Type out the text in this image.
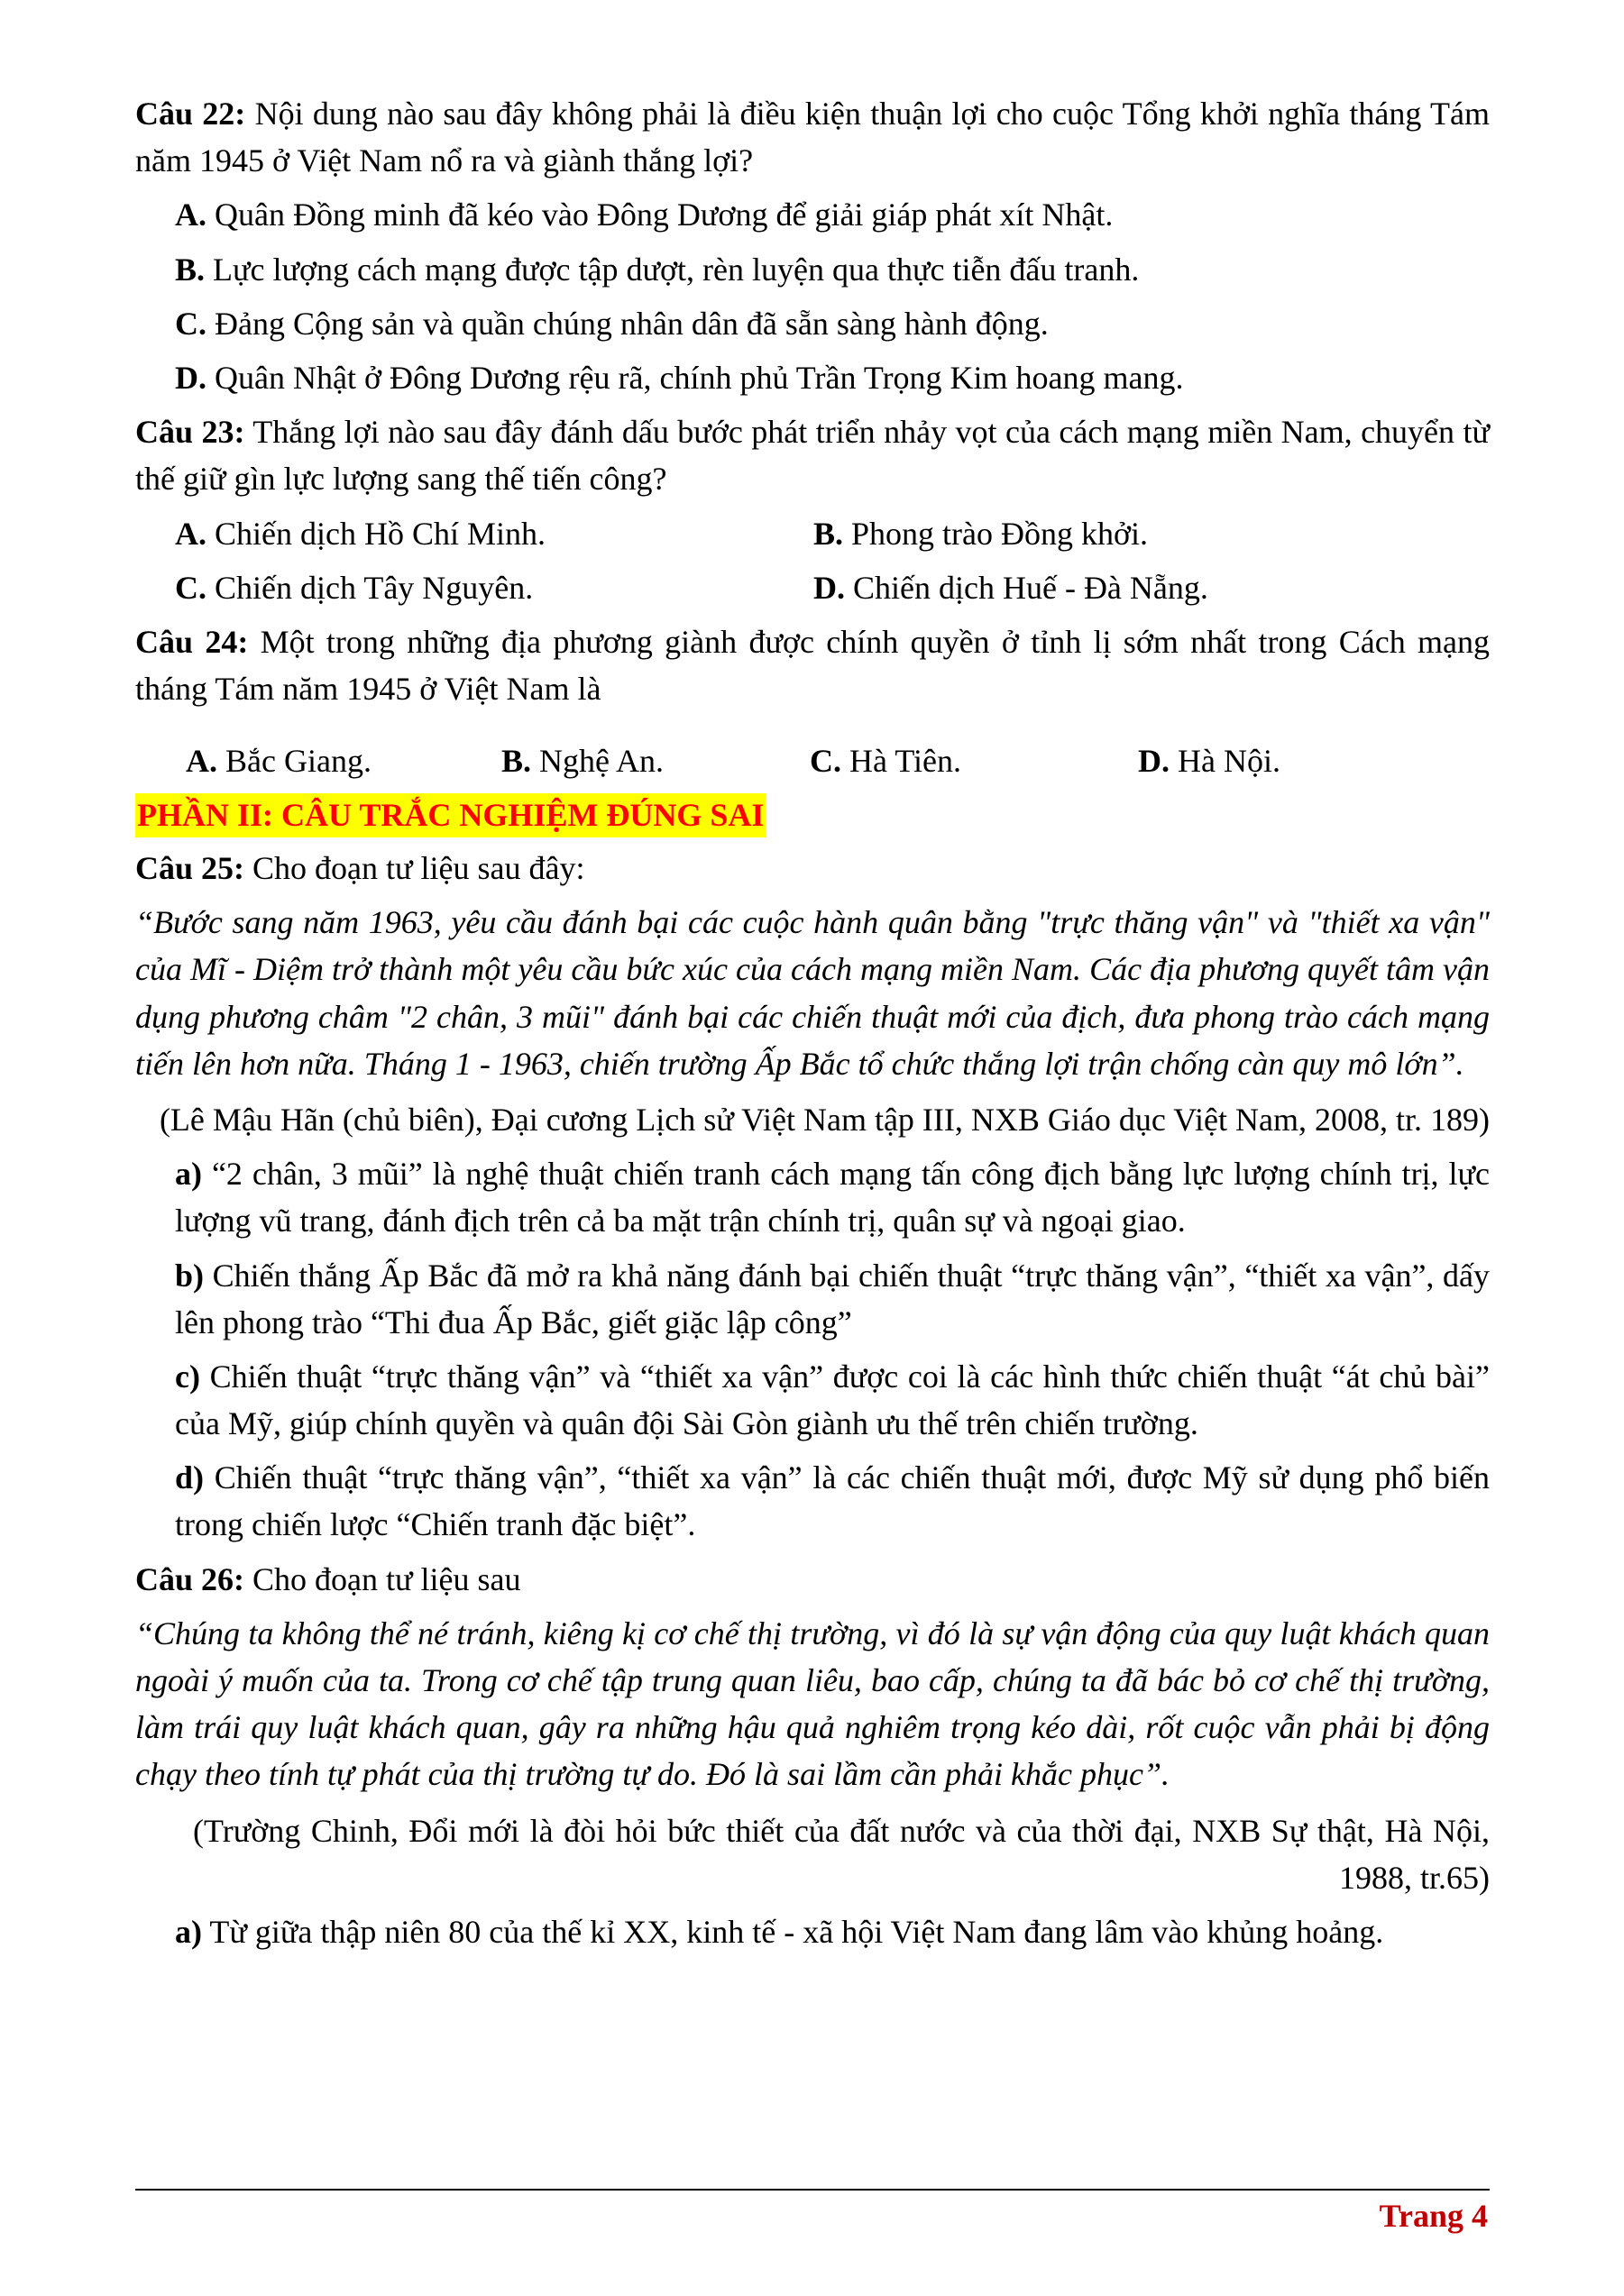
Câu 22: Nội dung nào sau đây không phải là điều kiện thuận lợi cho cuộc Tổng khởi nghĩa tháng Tám năm 1945 ở Việt Nam nổ ra và giành thắng lợi?

A. Quân Đồng minh đã kéo vào Đông Dương để giải giáp phát xít Nhật.

B. Lực lượng cách mạng được tập dượt, rèn luyện qua thực tiễn đấu tranh.

C. Đảng Cộng sản và quần chúng nhân dân đã sẵn sàng hành động.

D. Quân Nhật ở Đông Dương rệu rã, chính phủ Trần Trọng Kim hoang mang.

Câu 23: Thắng lợi nào sau đây đánh dấu bước phát triển nhảy vọt của cách mạng miền Nam, chuyển từ thế giữ gìn lực lượng sang thế tiến công?

A. Chiến dịch Hồ Chí Minh.	B. Phong trào Đồng khởi.
C. Chiến dịch Tây Nguyên.	D. Chiến dịch Huế - Đà Nẵng.

Câu 24: Một trong những địa phương giành được chính quyền ở tỉnh lị sớm nhất trong Cách mạng tháng Tám năm 1945 ở Việt Nam là

A. Bắc Giang.	B. Nghệ An.	C. Hà Tiên.	D. Hà Nội.
PHẦN II: CÂU TRẮC NGHIỆM ĐÚNG SAI

Câu 25: Cho đoạn tư liệu sau đây:

“Bước sang năm 1963, yêu cầu đánh bại các cuộc hành quân bằng "trực thăng vận" và "thiết xa vận" của Mĩ - Diệm trở thành một yêu cầu bức xúc của cách mạng miền Nam. Các địa phương quyết tâm vận dụng phương châm "2 chân, 3 mũi" đánh bại các chiến thuật mới của địch, đưa phong trào cách mạng tiến lên hơn nữa. Tháng 1 - 1963, chiến trường Ấp Bắc tổ chức thắng lợi trận chống càn quy mô lớn”.

(Lê Mậu Hãn (chủ biên), Đại cương Lịch sử Việt Nam tập III, NXB Giáo dục Việt Nam, 2008, tr. 189)

a) “2 chân, 3 mũi” là nghệ thuật chiến tranh cách mạng tấn công địch bằng lực lượng chính trị, lực lượng vũ trang, đánh địch trên cả ba mặt trận chính trị, quân sự và ngoại giao.

b) Chiến thắng Ấp Bắc đã mở ra khả năng đánh bại chiến thuật “trực thăng vận”, “thiết xa vận”, dấy lên phong trào “Thi đua Ấp Bắc, giết giặc lập công”

c) Chiến thuật “trực thăng vận” và “thiết xa vận” được coi là các hình thức chiến thuật “át chủ bài” của Mỹ, giúp chính quyền và quân đội Sài Gòn giành ưu thế trên chiến trường.

d) Chiến thuật “trực thăng vận”, “thiết xa vận” là các chiến thuật mới, được Mỹ sử dụng phổ biến trong chiến lược “Chiến tranh đặc biệt”.

Câu 26: Cho đoạn tư liệu sau

“Chúng ta không thể né tránh, kiêng kị cơ chế thị trường, vì đó là sự vận động của quy luật khách quan ngoài ý muốn của ta. Trong cơ chế tập trung quan liêu, bao cấp, chúng ta đã bác bỏ cơ chế thị trường, làm trái quy luật khách quan, gây ra những hậu quả nghiêm trọng kéo dài, rốt cuộc vẫn phải bị động chạy theo tính tự phát của thị trường tự do. Đó là sai lầm cần phải khắc phục”.

(Trường Chinh, Đổi mới là đòi hỏi bức thiết của đất nước và của thời đại, NXB Sự thật, Hà Nội, 1988, tr.65)

a) Từ giữa thập niên 80 của thế kỉ XX, kinh tế - xã hội Việt Nam đang lâm vào khủng hoảng.

Trang 4
